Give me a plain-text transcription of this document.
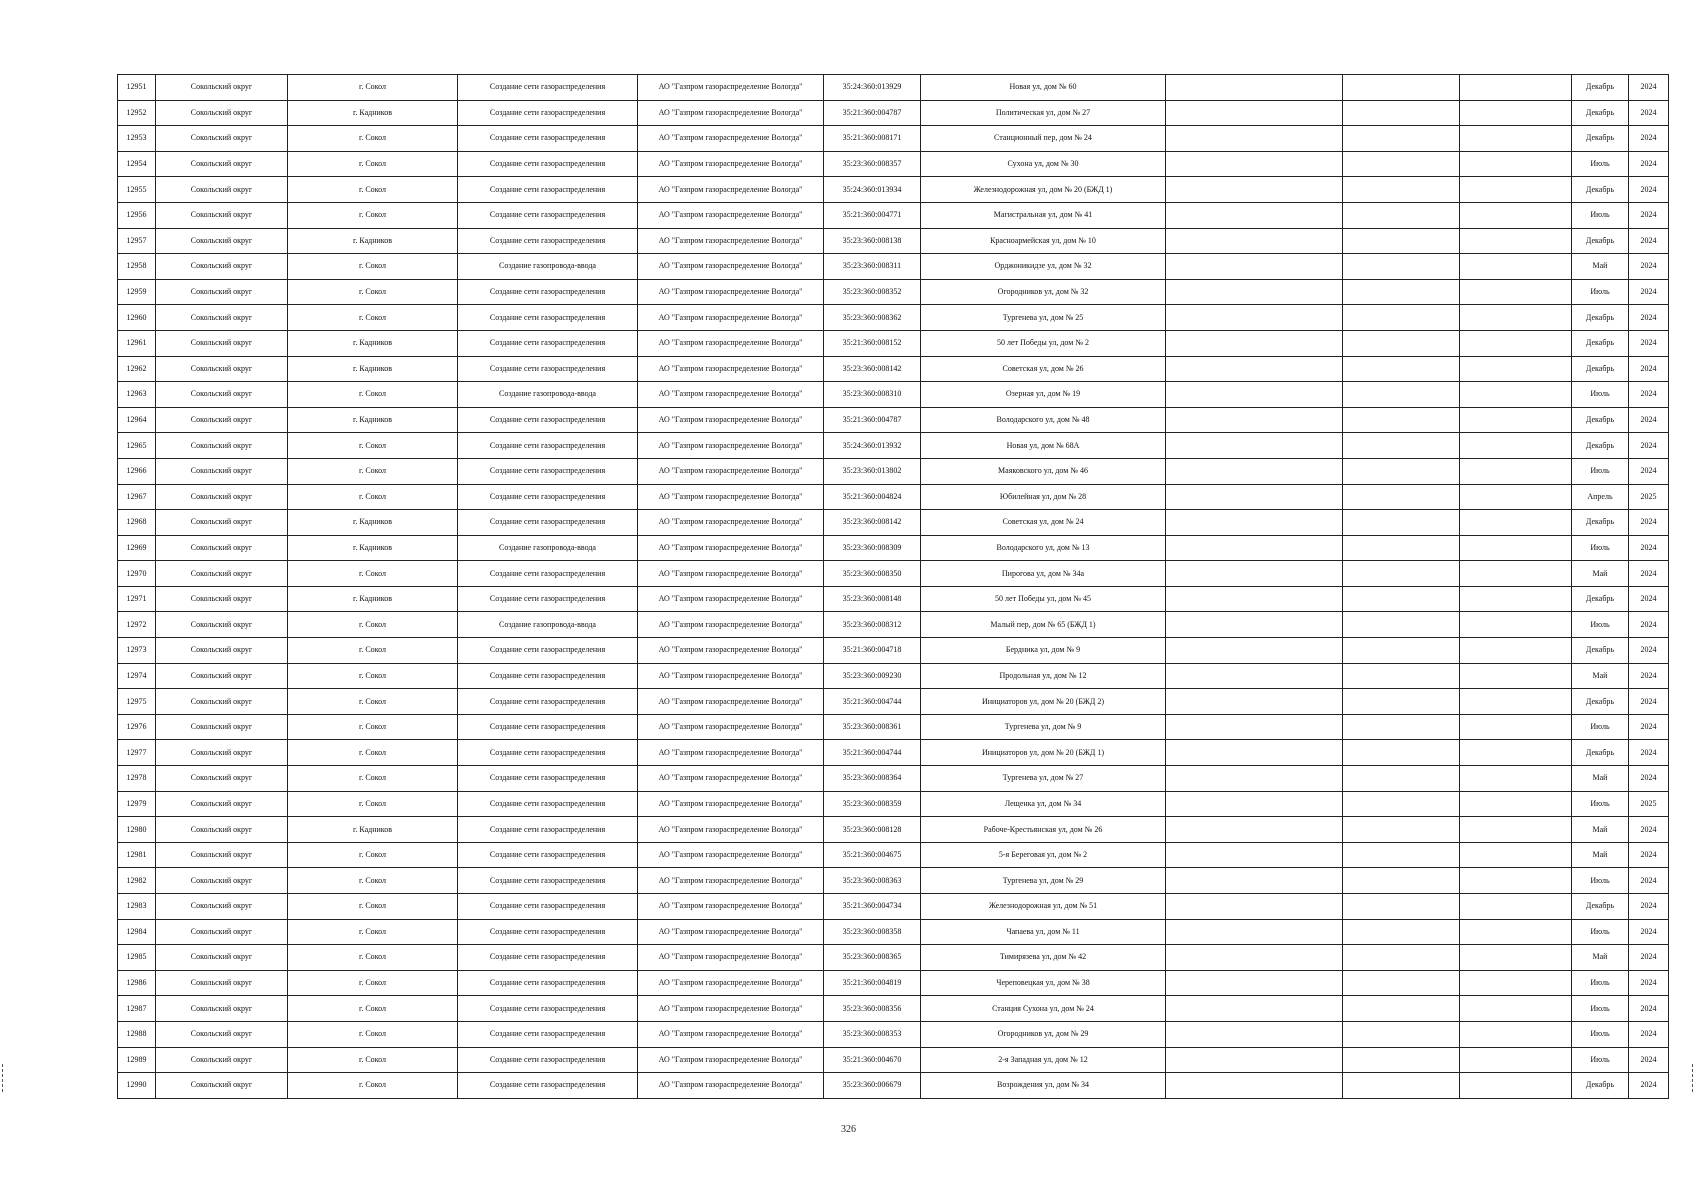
12951	Сокольский округ	г. Сокол	Создание сети газораспределения	АО "Газпром газораспределение Вологда"	35:24:360:013929	Новая ул, дом № 60				Декабрь	2024
12952	Сокольский округ	г. Кадников	Создание сети газораспределения	АО "Газпром газораспределение Вологда"	35:21:360:004787	Политическая ул, дом № 27				Декабрь	2024
12953	Сокольский округ	г. Сокол	Создание сети газораспределения	АО "Газпром газораспределение Вологда"	35:21:360:008171	Станционный пер, дом № 24				Декабрь	2024
12954	Сокольский округ	г. Сокол	Создание сети газораспределения	АО "Газпром газораспределение Вологда"	35:23:360:008357	Сухона ул, дом № 30				Июль	2024
12955	Сокольский округ	г. Сокол	Создание сети газораспределения	АО "Газпром газораспределение Вологда"	35:24:360:013934	Железнодорожная ул, дом № 20 (БЖД 1)				Декабрь	2024
12956	Сокольский округ	г. Сокол	Создание сети газораспределения	АО "Газпром газораспределение Вологда"	35:21:360:004771	Магистральная ул, дом № 41				Июль	2024
12957	Сокольский округ	г. Кадников	Создание сети газораспределения	АО "Газпром газораспределение Вологда"	35:23:360:008138	Красноармейская ул, дом № 10				Декабрь	2024
12958	Сокольский округ	г. Сокол	Создание газопровода-ввода	АО "Газпром газораспределение Вологда"	35:23:360:008311	Орджоникидзе ул, дом № 32				Май	2024
12959	Сокольский округ	г. Сокол	Создание сети газораспределения	АО "Газпром газораспределение Вологда"	35:23:360:008352	Огородников ул, дом № 32				Июль	2024
12960	Сокольский округ	г. Сокол	Создание сети газораспределения	АО "Газпром газораспределение Вологда"	35:23:360:008362	Тургенева ул, дом № 25				Декабрь	2024
12961	Сокольский округ	г. Кадников	Создание сети газораспределения	АО "Газпром газораспределение Вологда"	35:21:360:008152	50 лет Победы ул, дом № 2				Декабрь	2024
12962	Сокольский округ	г. Кадников	Создание сети газораспределения	АО "Газпром газораспределение Вологда"	35:23:360:008142	Советская ул, дом № 26				Декабрь	2024
12963	Сокольский округ	г. Сокол	Создание газопровода-ввода	АО "Газпром газораспределение Вологда"	35:23:360:008310	Озерная ул, дом № 19				Июль	2024
12964	Сокольский округ	г. Кадников	Создание сети газораспределения	АО "Газпром газораспределение Вологда"	35:21:360:004787	Володарского ул, дом № 48				Декабрь	2024
12965	Сокольский округ	г. Сокол	Создание сети газораспределения	АО "Газпром газораспределение Вологда"	35:24:360:013932	Новая ул, дом № 68А				Декабрь	2024
12966	Сокольский округ	г. Сокол	Создание сети газораспределения	АО "Газпром газораспределение Вологда"	35:23:360:013802	Маяковского ул, дом № 46				Июль	2024
12967	Сокольский округ	г. Сокол	Создание сети газораспределения	АО "Газпром газораспределение Вологда"	35:21:360:004824	Юбилейная ул, дом № 28				Апрель	2025
12968	Сокольский округ	г. Кадников	Создание сети газораспределения	АО "Газпром газораспределение Вологда"	35:23:360:008142	Советская ул, дом № 24				Декабрь	2024
12969	Сокольский округ	г. Кадников	Создание газопровода-ввода	АО "Газпром газораспределение Вологда"	35:23:360:008309	Володарского ул, дом № 13				Июль	2024
12970	Сокольский округ	г. Сокол	Создание сети газораспределения	АО "Газпром газораспределение Вологда"	35:23:360:008350	Пирогова ул, дом № 34а				Май	2024
12971	Сокольский округ	г. Кадников	Создание сети газораспределения	АО "Газпром газораспределение Вологда"	35:23:360:008148	50 лет Победы ул, дом № 45				Декабрь	2024
12972	Сокольский округ	г. Сокол	Создание газопровода-ввода	АО "Газпром газораспределение Вологда"	35:23:360:008312	Малый пер, дом № 65 (БЖД 1)				Июль	2024
12973	Сокольский округ	г. Сокол	Создание сети газораспределения	АО "Газпром газораспределение Вологда"	35:21:360:004718	Бердника ул, дом № 9				Декабрь	2024
12974	Сокольский округ	г. Сокол	Создание сети газораспределения	АО "Газпром газораспределение Вологда"	35:23:360:009230	Продольная ул, дом № 12				Май	2024
12975	Сокольский округ	г. Сокол	Создание сети газораспределения	АО "Газпром газораспределение Вологда"	35:21:360:004744	Инициаторов ул, дом № 20 (БЖД 2)				Декабрь	2024
12976	Сокольский округ	г. Сокол	Создание сети газораспределения	АО "Газпром газораспределение Вологда"	35:23:360:008361	Тургенева ул, дом № 9				Июль	2024
12977	Сокольский округ	г. Сокол	Создание сети газораспределения	АО "Газпром газораспределение Вологда"	35:21:360:004744	Инициаторов ул, дом № 20 (БЖД 1)				Декабрь	2024
12978	Сокольский округ	г. Сокол	Создание сети газораспределения	АО "Газпром газораспределение Вологда"	35:23:360:008364	Тургенева ул, дом № 27				Май	2024
12979	Сокольский округ	г. Сокол	Создание сети газораспределения	АО "Газпром газораспределение Вологда"	35:23:360:008359	Лещенка ул, дом № 34				Июль	2025
12980	Сокольский округ	г. Кадников	Создание сети газораспределения	АО "Газпром газораспределение Вологда"	35:23:360:008128	Рабоче-Крестьянская ул, дом № 26				Май	2024
12981	Сокольский округ	г. Сокол	Создание сети газораспределения	АО "Газпром газораспределение Вологда"	35:21:360:004675	5-я Береговая ул, дом № 2				Май	2024
12982	Сокольский округ	г. Сокол	Создание сети газораспределения	АО "Газпром газораспределение Вологда"	35:23:360:008363	Тургенева ул, дом № 29				Июль	2024
12983	Сокольский округ	г. Сокол	Создание сети газораспределения	АО "Газпром газораспределение Вологда"	35:21:360:004734	Железнодорожная ул, дом № 51				Декабрь	2024
12984	Сокольский округ	г. Сокол	Создание сети газораспределения	АО "Газпром газораспределение Вологда"	35:23:360:008358	Чапаева ул, дом № 11				Июль	2024
12985	Сокольский округ	г. Сокол	Создание сети газораспределения	АО "Газпром газораспределение Вологда"	35:23:360:008365	Тимирязева ул, дом № 42				Май	2024
12986	Сокольский округ	г. Сокол	Создание сети газораспределения	АО "Газпром газораспределение Вологда"	35:21:360:004819	Череповецкая ул, дом № 38				Июль	2024
12987	Сокольский округ	г. Сокол	Создание сети газораспределения	АО "Газпром газораспределение Вологда"	35:23:360:008356	Станция Сухона ул, дом № 24				Июль	2024
12988	Сокольский округ	г. Сокол	Создание сети газораспределения	АО "Газпром газораспределение Вологда"	35:23:360:008353	Огородников ул, дом № 29				Июль	2024
12989	Сокольский округ	г. Сокол	Создание сети газораспределения	АО "Газпром газораспределение Вологда"	35:21:360:004670	2-я Западная ул, дом № 12				Июль	2024
12990	Сокольский округ	г. Сокол	Создание сети газораспределения	АО "Газпром газораспределение Вологда"	35:23:360:006679	Возрождения ул, дом № 34				Декабрь	2024
326
